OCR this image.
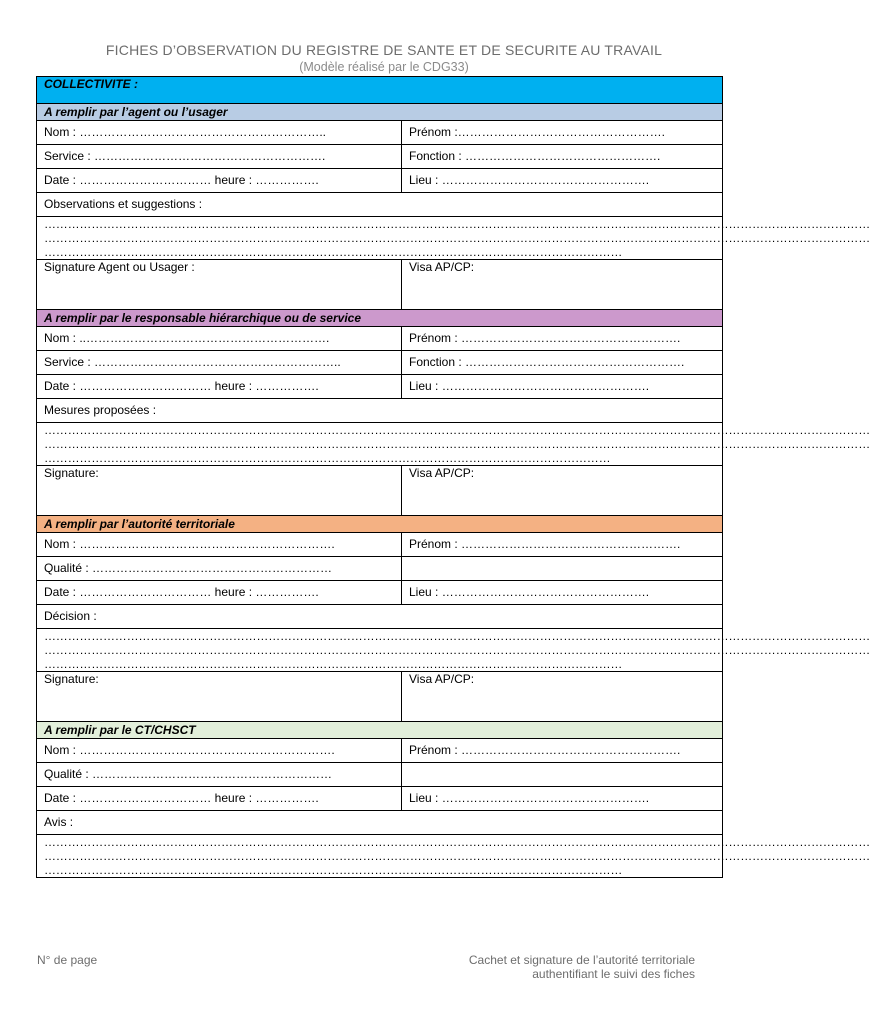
FICHES D’OBSERVATION DU REGISTRE DE SANTE ET DE SECURITE AU TRAVAIL
(Modèle réalisé par le CDG33)
COLLECTIVITE :	
A remplir par l’agent ou l’usager	
Nom : ……………………………………………………..	Prénom :…………………………………………….
Service : ………………………………………………….	Fonction : ………………………………………….
Date : …………………………… heure : …………….	Lieu : …………………………………………….
Observations et suggestions :	

…………………………………………………………………………………………………………………………………………………………………………………………
…………………………………………………………………………………………………………………………………………………………………………………………
…………………………………………………………………………………………………………………………………	

Signature Agent ou Usager :	Visa AP/CP:
A remplir par le responsable hiérarchique ou de service	
Nom : ..…………………………………………………….	Prénom : ……………………………………………….
Service : ……………………………………………………..	Fonction : ……………………………………………….
Date : …………………………… heure : …………….	Lieu : …………………………………………….
Mesures proposées :	

…………………………………………………………………………………………………………………………………………………………………………………………
…………………………………………………………………………………………………………………………………………………………………………………………
………………………………………………………………………………………………………………………………	

Signature:	Visa AP/CP:
A remplir par l’autorité territoriale	
Nom : ……………………………………………………….	Prénom : ……………………………………………….
Qualité : ……………………………………………………	
Date : …………………………… heure : …………….	Lieu : …………………………………………….
Décision :	

…………………………………………………………………………………………………………………………………………………………………………………………
…………………………………………………………………………………………………………………………………………………………………………………………
…………………………………………………………………………………………………………………………………	

Signature:	Visa AP/CP:
A remplir par le CT/CHSCT	
Nom : ……………………………………………………….	Prénom : ……………………………………………….
Qualité : ……………………………………………………	
Date : …………………………… heure : …………….	Lieu : …………………………………………….
Avis :	

…………………………………………………………………………………………………………………………………………………………………………………………
…………………………………………………………………………………………………………………………………………………………………………………………
…………………………………………………………………………………………………………………………………	
N° de page	Cachet et signature de l’autorité territoriale
authentifiant le suivi des fiches
